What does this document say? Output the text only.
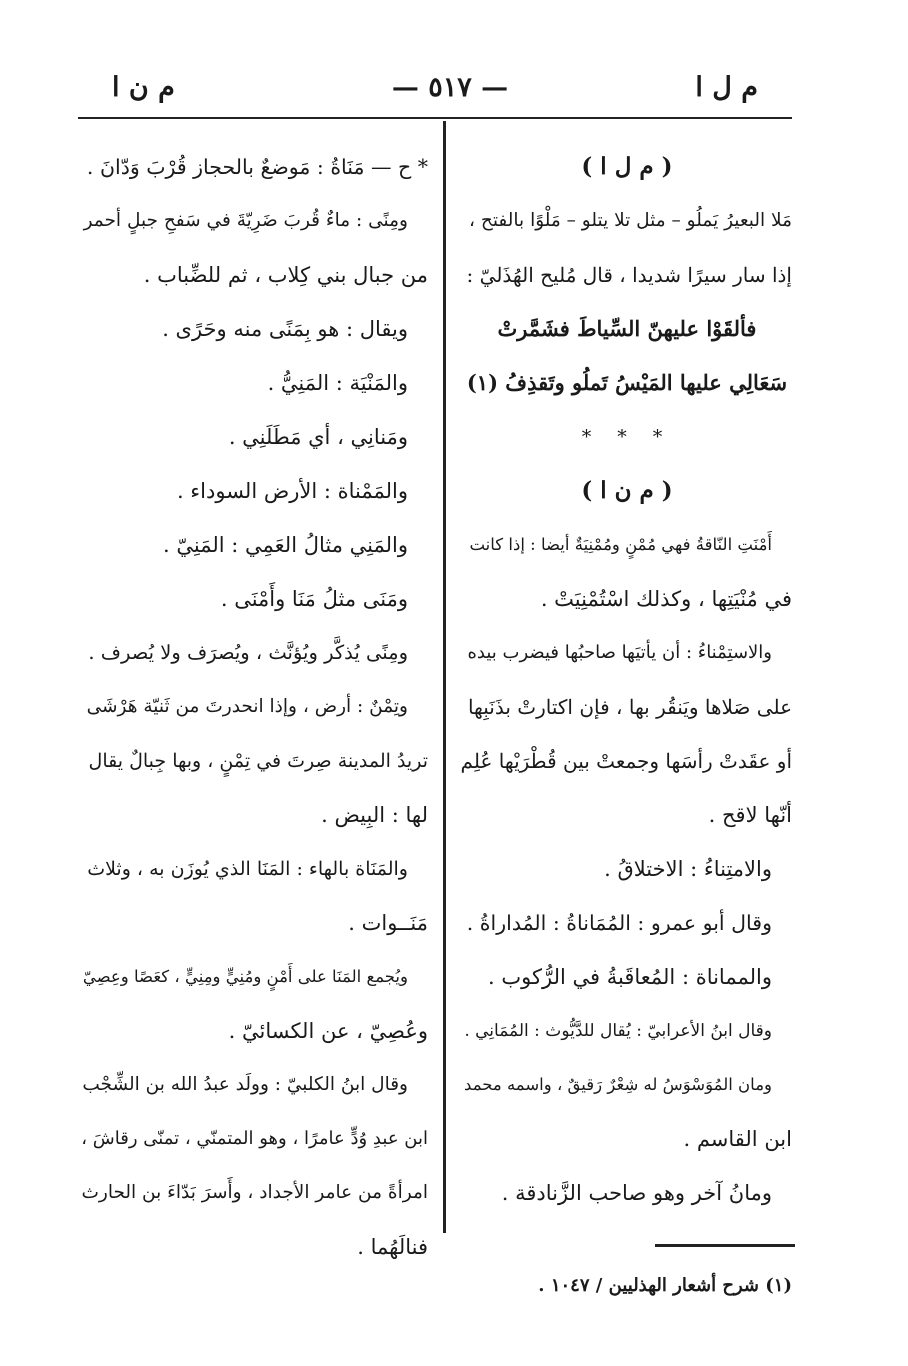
م ن ا	— ٥١٧ —	م ل ا
( م ل ا )
مَلا البعيرُ يَملُو – مثل تلا يتلو – مَلْوًا بالفتح ،
إذا سار سيرًا شديدا ، قال مُليح الهُذَليّ :
فألقَوْا عليهنّ السِّياطَ فشَمَّرتْ
سَعَالِي عليها المَيْسُ تَملُو وتَقذِفُ (١)
* * *
( م ن ا )
أَمْنَتِ النّاقةُ فهي مُمْنٍ ومُمْنِيَةٌ أيضا : إذا كانت
في مُنْيَتِها ، وكذلك اسْتُمْنِيَتْ .
والاستِمْناءُ : أن يأتيَها صاحبُها فيضرب بيده
على صَلاها ويَنقُر بها ، فإن اكتارتْ بذَنَبِها
أو عقَدتْ رأسَها وجمعتْ بين قُطْرَيْها عُلِم
أنّها لاقح .
والامتِناءُ : الاختلاقُ .
وقال أبو عمرو : المُمَاناةُ : المُداراةُ .
والمماناة : المُعاقَبةُ في الرُّكوب .
وقال ابنُ الأعرابيّ : يُقال للدَّيُّوث : المُمَانِي .
ومان المُوَسْوَسُ له شِعْرٌ رَقيقٌ ، واسمه محمد
ابن القاسم .
ومانُ آخر وهو صاحب الزَّنادقة .
* ح — مَنَاةُ : مَوضعٌ بالحجاز قُرْبَ وَدّانَ .
ومِنًى : ماءٌ قُربَ ضَرِيّةَ في سَفحِ جبلٍ أحمر
من جبال بني كِلاب ، ثم للضِّباب .
ويقال : هو بِمَنًى منه وحَرًى .
والمَنْيَة : المَنِيُّ .
ومَنانِي ، أي مَطَلَنِي .
والمَمْناة : الأرض السوداء .
والمَنِي مثالُ العَمِي : المَنِيّ .
ومَنَى مثلُ مَنَا وأَمْنَى .
ومِنًى يُذكَّر ويُؤنَّث ، ويُصرَف ولا يُصرف .
وتِمْنٌ : أرض ، وإذا انحدرتَ من ثَنيّة هَرْشَى
تريدُ المدينة صِرتَ في تِمْنٍ ، وبها جِبالٌ يقال
لها : البِيض .
والمَنَاة بالهاء : المَنَا الذي يُوزَن به ، وثلاث
مَنَــوات .
ويُجمع المَنَا على أَمْنٍ ومُنِيٍّ ومِنِيٍّ ، كعَصًا وعِصِيّ
وعُصِيّ ، عن الكسائيّ .
وقال ابنُ الكلبيّ : وولَد عبدُ الله بن الشِّجْب
ابن عبدِ وُدٍّ عامرًا ، وهو المتمنّي ، تمنّى رقاشَ ،
امرأةً من عامر الأجداد ، وأَسرَ بَدّاءَ بن الحارث
فنالَهُما .
(١) شرح أشعار الهذليين / ١٠٤٧ .
